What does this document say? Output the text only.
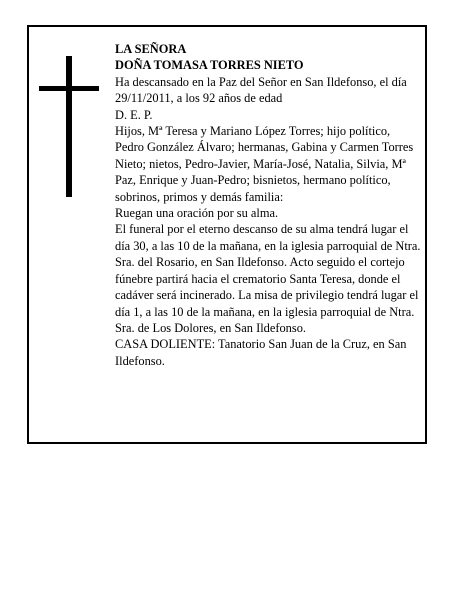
LA SEÑORA

DOÑA TOMASA TORRES NIETO

Ha descansado en la Paz del Señor en San Ildefonso, el día 29/11/2011, a los 92 años de edad

D. E. P.

Hijos, Mª Teresa y Mariano López Torres; hijo político, Pedro González Álvaro; hermanas, Gabina y Carmen Torres Nieto; nietos, Pedro-Javier, María-José, Natalia, Silvia, Mª Paz, Enrique y Juan-Pedro; bisnietos, hermano político, sobrinos, primos y demás familia:

Ruegan una oración por su alma.

El funeral por el eterno descanso de su alma tendrá lugar el día 30, a las 10 de la mañana, en la iglesia parroquial de Ntra. Sra. del Rosario, en San Ildefonso. Acto seguido el cortejo fúnebre partirá hacia el crematorio Santa Teresa, donde el cadáver será incinerado. La misa de privilegio tendrá lugar el día 1, a las 10 de la mañana, en la iglesia parroquial de Ntra. Sra. de Los Dolores, en San Ildefonso.

CASA DOLIENTE: Tanatorio San Juan de la Cruz, en San Ildefonso.
